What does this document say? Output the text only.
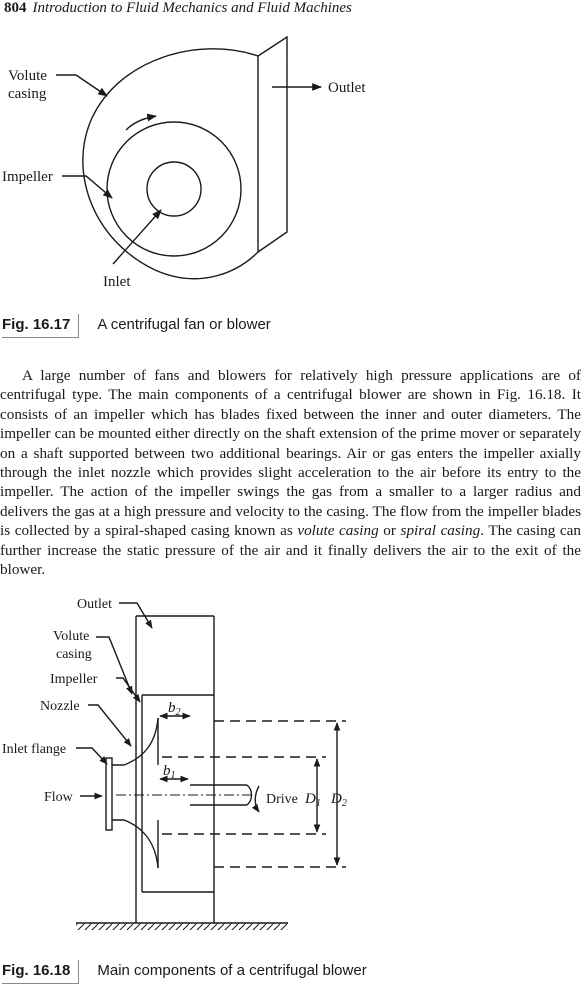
804 Introduction to Fluid Mechanics and Fluid Machines
Volute
casing	Outlet
Impeller
Inlet
Fig. 16.17 A centrifugal fan or blower

A large number of fans and blowers for relatively high pressure applications are of centrifugal type. The main components of a centrifugal blower are shown in Fig. 16.18. It consists of an impeller which has blades fixed between the inner and outer diameters. The impeller can be mounted either directly on the shaft extension of the prime mover or separately on a shaft supported between two additional bearings. Air or gas enters the impeller axially through the inlet nozzle which provides slight acceleration to the air before its entry to the impeller. The action of the impeller swings the gas from a smaller to a larger radius and delivers the gas at a high pressure and velocity to the casing. The flow from the impeller blades is collected by a spiral-shaped casing known as volute casing or spiral casing. The casing can further increase the static pressure of the air and it finally delivers the air to the exit of the blower.

Outlet
Volute
casing
Impeller
Nozzle
Inlet flange
Flow	Drive
$b_2$
$b_1$
$D_1$ $D_2$
Fig. 16.18 Main components of a centrifugal blower
